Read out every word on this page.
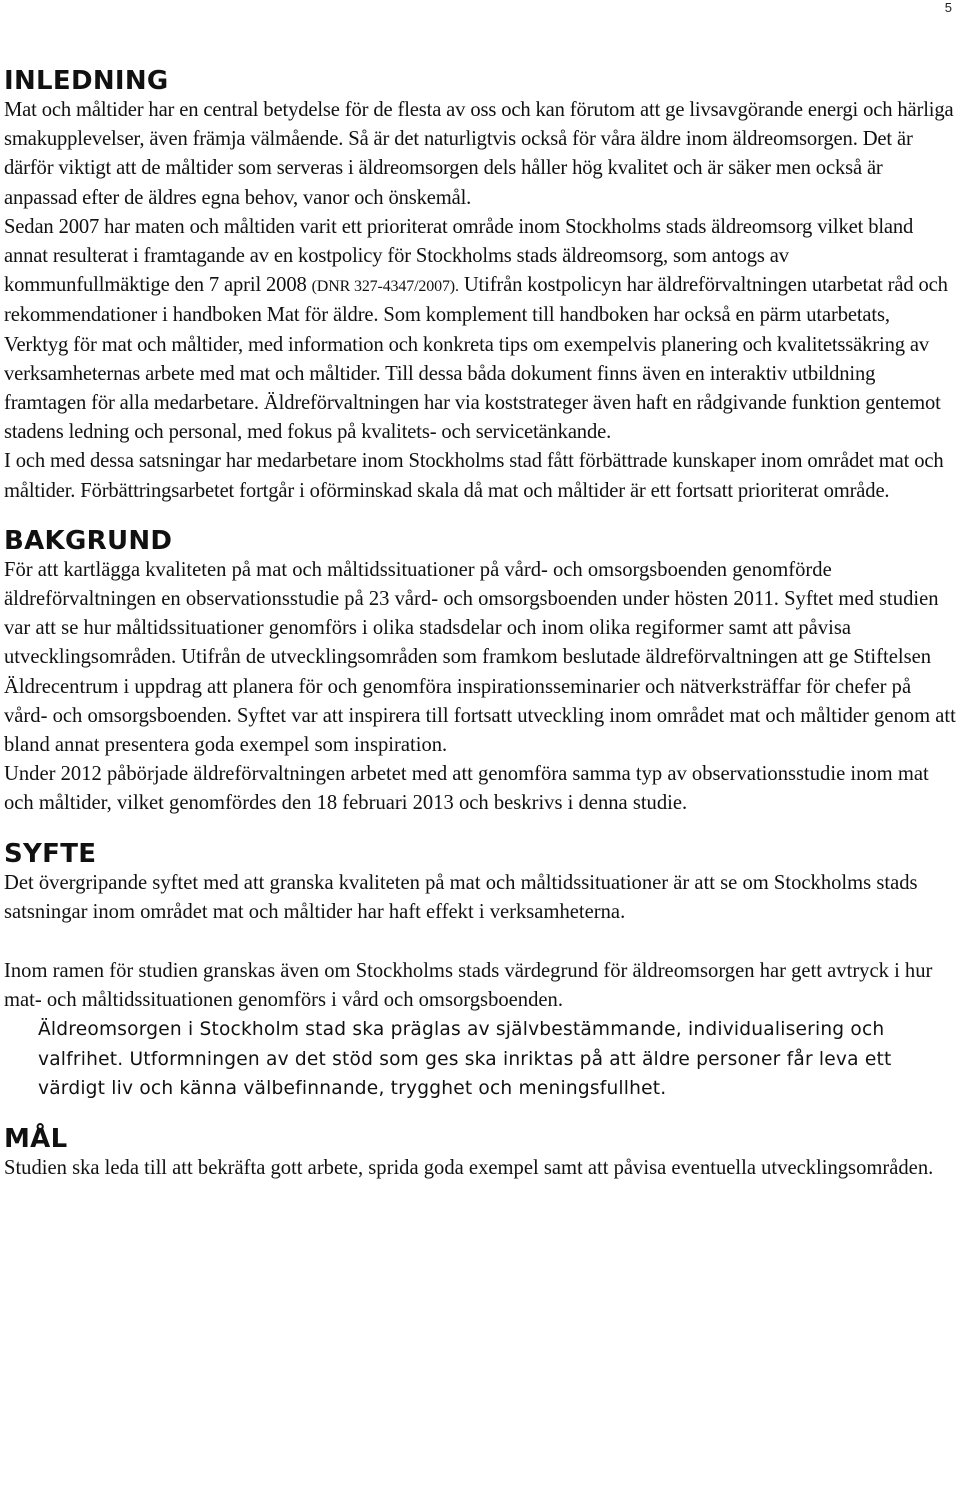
5
INLEDNING

Mat och måltider har en central betydelse för de flesta av oss och kan förutom att ge livsavgörande energi och härliga smakupplevelser, även främja välmående. Så är det naturligtvis också för våra äldre inom äldreomsorgen. Det är därför viktigt att de måltider som serveras i äldreomsorgen dels håller hög kvalitet och är säker men också är anpassad efter de äldres egna behov, vanor och önskemål.

Sedan 2007 har maten och måltiden varit ett prioriterat område inom Stockholms stads äldreomsorg vilket bland annat resulterat i framtagande av en kostpolicy för Stockholms stads äldreomsorg, som antogs av kommunfullmäktige den 7 april 2008 (DNR 327-4347/2007). Utifrån kostpolicyn har äldreförvaltningen utarbetat råd och rekommendationer i handboken Mat för äldre. Som komplement till handboken har också en pärm utarbetats, Verktyg för mat och måltider, med information och konkreta tips om exempelvis planering och kvalitetssäkring av verksamheternas arbete med mat och måltider. Till dessa båda dokument finns även en interaktiv utbildning framtagen för alla medarbetare. Äldreförvaltningen har via koststrateger även haft en rådgivande funktion gentemot stadens ledning och personal, med fokus på kvalitets- och servicetänkande.

I och med dessa satsningar har medarbetare inom Stockholms stad fått förbättrade kunskaper inom området mat och måltider. Förbättringsarbetet fortgår i oförminskad skala då mat och måltider är ett fortsatt prioriterat område.

BAKGRUND

För att kartlägga kvaliteten på mat och måltidssituationer på vård- och omsorgsboenden genomförde äldreförvaltningen en observationsstudie på 23 vård- och omsorgsboenden under hösten 2011. Syftet med studien var att se hur måltidssituationer genomförs i olika stadsdelar och inom olika regiformer samt att påvisa utvecklingsområden. Utifrån de utvecklingsområden som framkom beslutade äldreförvaltningen att ge Stiftelsen Äldrecentrum i uppdrag att planera för och genomföra inspirationsseminarier och nätverksträffar för chefer på vård- och omsorgsboenden. Syftet var att inspirera till fortsatt utveckling inom området mat och måltider genom att bland annat presentera goda exempel som inspiration.

Under 2012 påbörjade äldreförvaltningen arbetet med att genomföra samma typ av observationsstudie inom mat och måltider, vilket genomfördes den 18 februari 2013 och beskrivs i denna studie.

SYFTE

Det övergripande syftet med att granska kvaliteten på mat och måltidssituationer är att se om Stockholms stads satsningar inom området mat och måltider har haft effekt i verksamheterna.

Inom ramen för studien granskas även om Stockholms stads värdegrund för äldreomsorgen har gett avtryck i hur mat- och måltidssituationen genomförs i vård och omsorgsboenden.

Äldreomsorgen i Stockholm stad ska präglas av självbestämmande, individualisering och valfrihet. Utformningen av det stöd som ges ska inriktas på att äldre personer får leva ett värdigt liv och känna välbefinnande, trygghet och meningsfullhet.

MÅL

Studien ska leda till att bekräfta gott arbete, sprida goda exempel samt att påvisa eventuella utvecklingsområden.
